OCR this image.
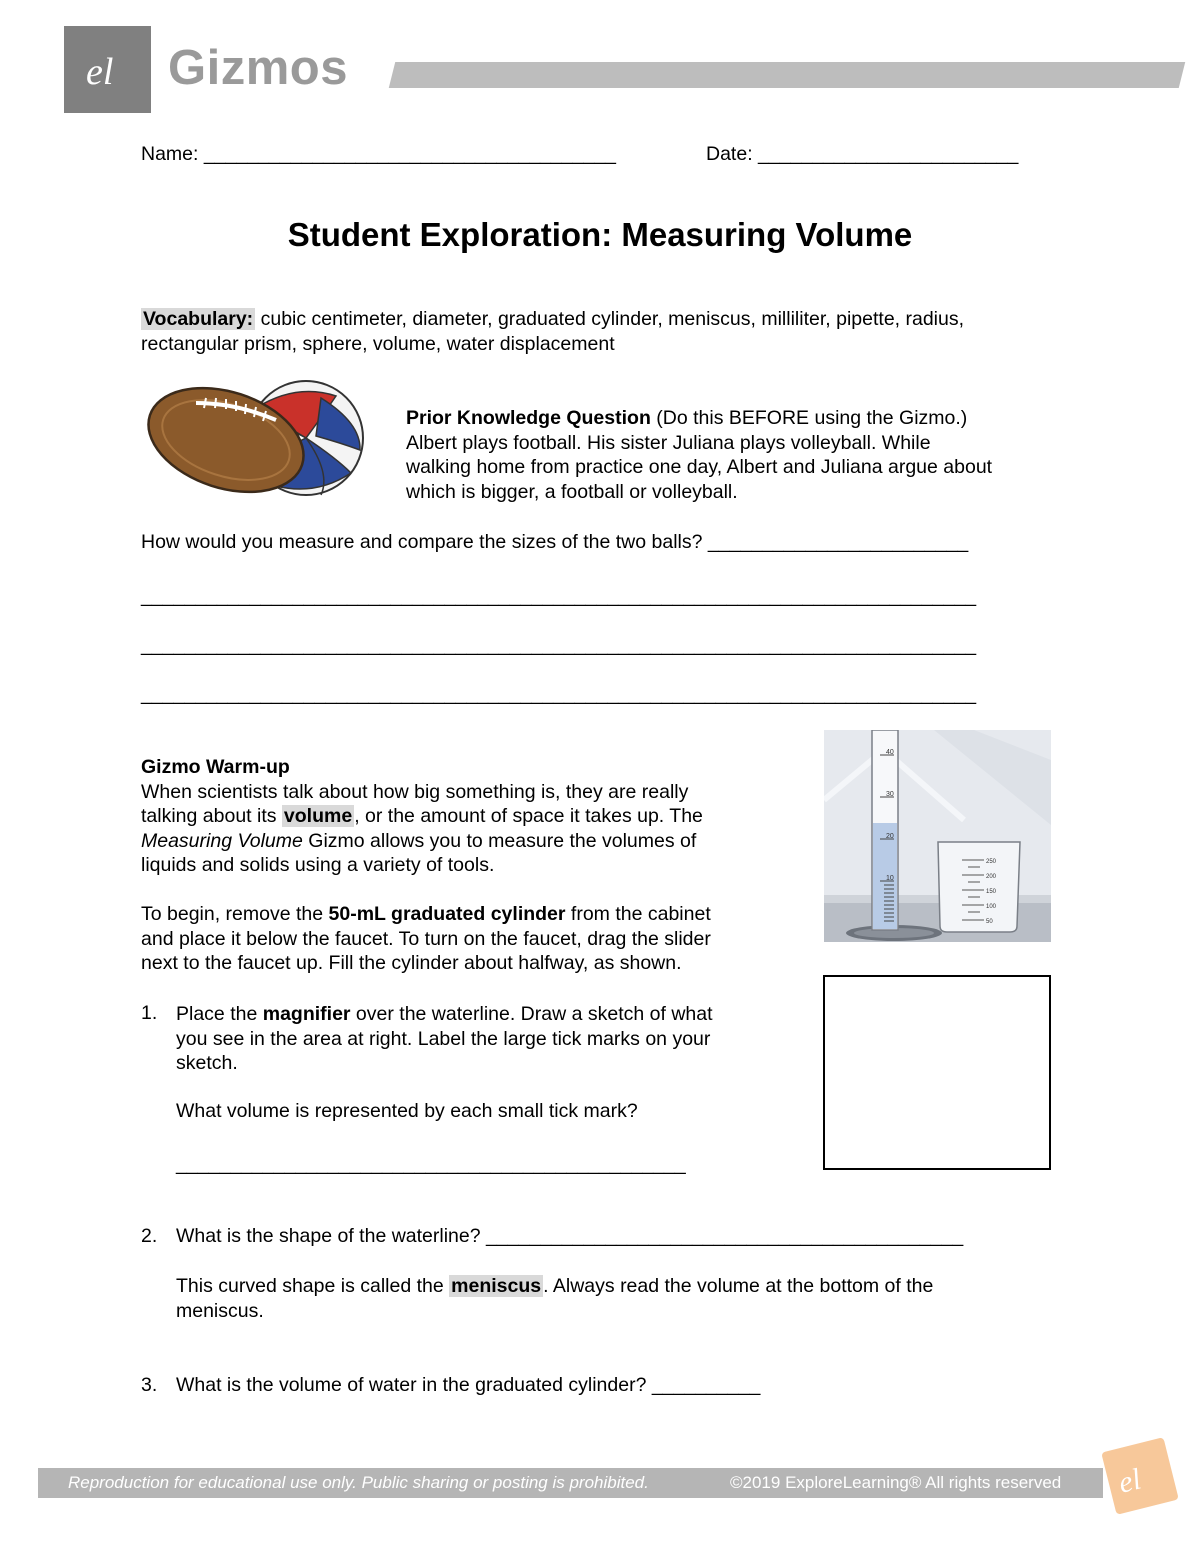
el Gizmos
Name: ______________________________________	Date: ________________________
Student Exploration: Measuring Volume
Vocabulary: cubic centimeter, diameter, graduated cylinder, meniscus, milliliter, pipette, radius,
rectangular prism, sphere, volume, water displacement
Prior Knowledge Question (Do this BEFORE using the Gizmo.)
Albert plays football. His sister Juliana plays volleyball. While
walking home from practice one day, Albert and Juliana argue about
which is bigger, a football or volleyball.
How would you measure and compare the sizes of the two balls? ________________________
_____________________________________________________________________________
_____________________________________________________________________________
_____________________________________________________________________________
Gizmo Warm-up
When scientists talk about how big something is, they are really
talking about its volume , or the amount of space it takes up. The
Measuring Volume Gizmo allows you to measure the volumes of
liquids and solids using a variety of tools.
To begin, remove the 50-mL graduated cylinder from the cabinet
and place it below the faucet. To turn on the faucet, drag the slider
next to the faucet up. Fill the cylinder about halfway, as shown.
40
30
20
10
250
200
150
100
50
1. Place the magnifier over the waterline. Draw a sketch of what
you see in the area at right. Label the large tick marks on your
sketch.
What volume is represented by each small tick mark?
_______________________________________________
2. What is the shape of the waterline? ____________________________________________
This curved shape is called the meniscus . Always read the volume at the bottom of the
meniscus.
3. What is the volume of water in the graduated cylinder? __________
Reproduction for educational use only. Public sharing or posting is prohibited.	©2019 ExploreLearning® All rights reserved el
